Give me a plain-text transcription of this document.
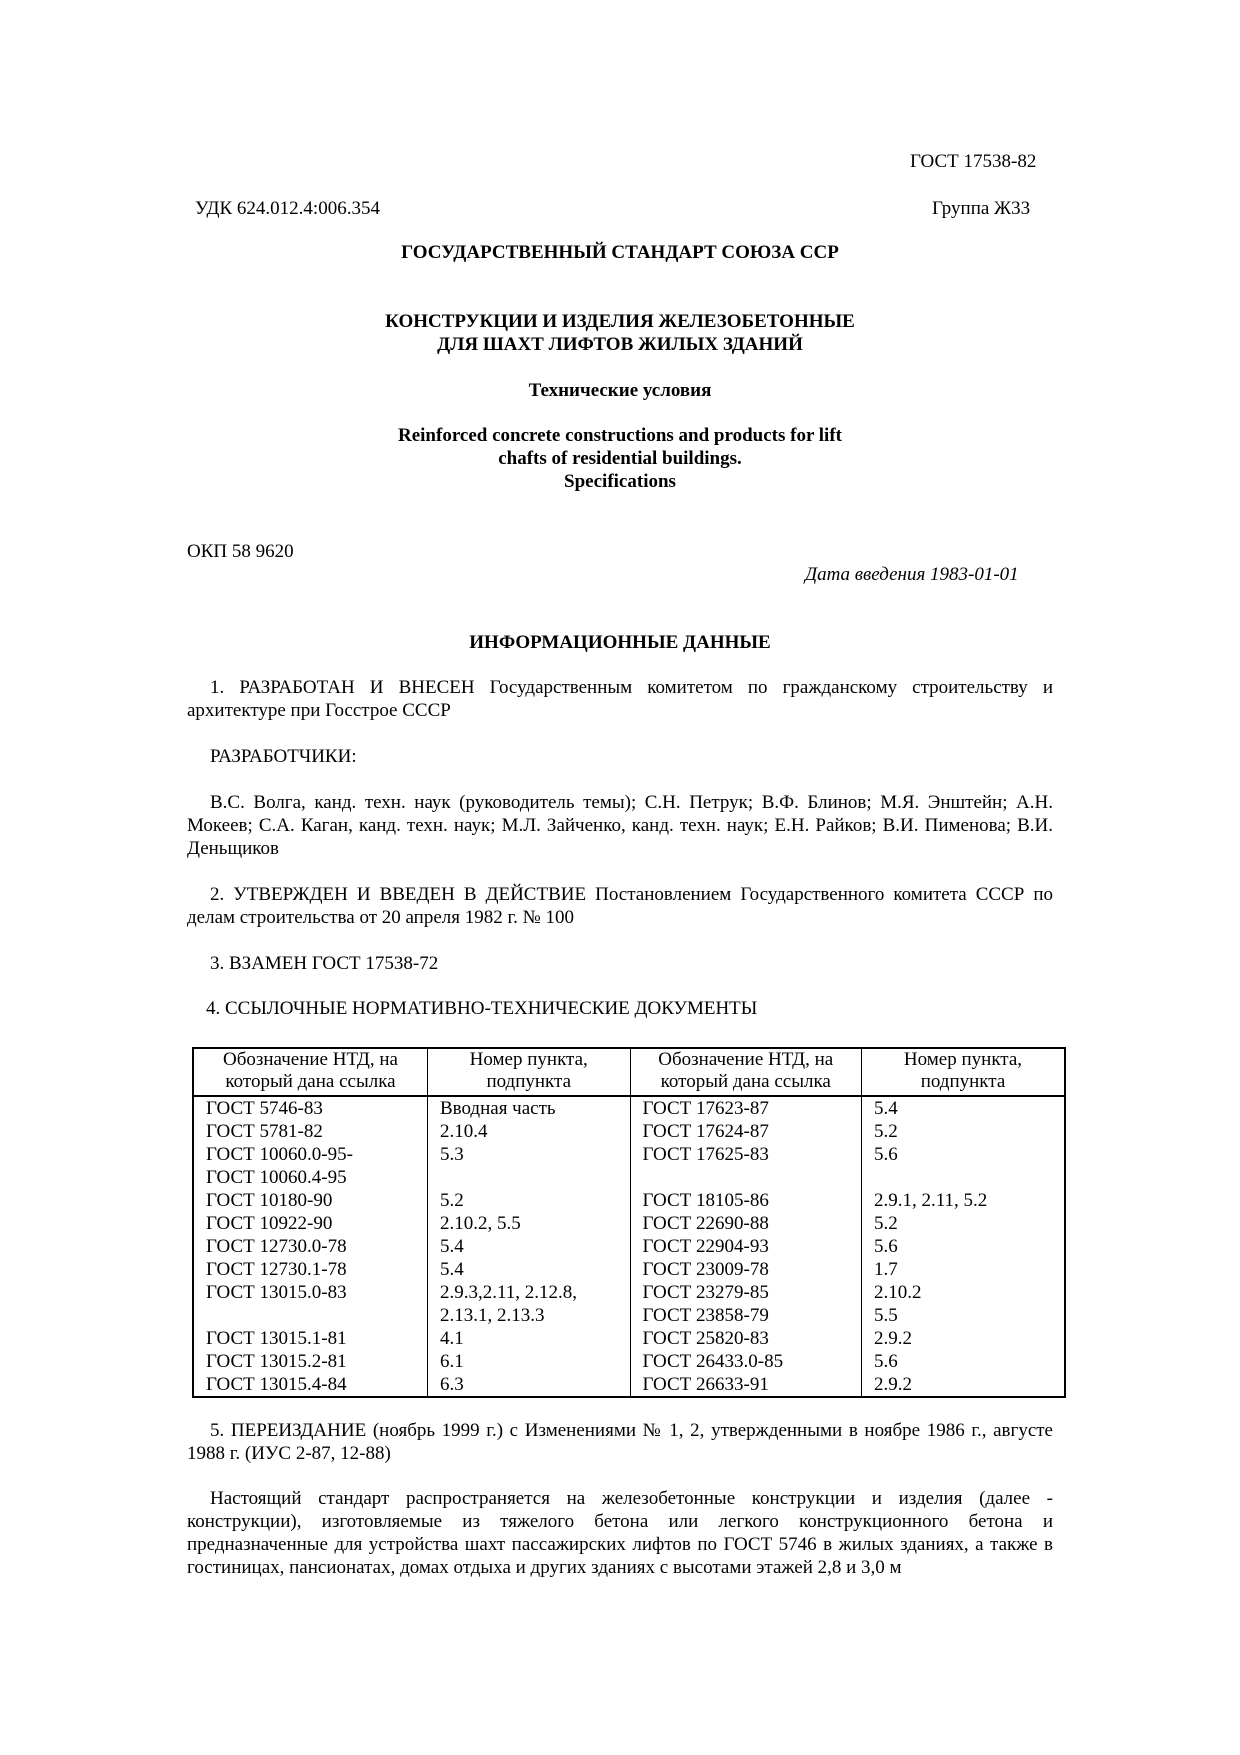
ГОСТ 17538-82
УДК 624.012.4:006.354	Группа Ж33
ГОСУДАРСТВЕННЫЙ СТАНДАРТ СОЮЗА ССР
КОНСТРУКЦИИ И ИЗДЕЛИЯ ЖЕЛЕЗОБЕТОННЫЕ
ДЛЯ ШАХТ ЛИФТОВ ЖИЛЫХ ЗДАНИЙ
Технические условия
Reinforced concrete constructions and products for lift
chafts of residential buildings.
Specifications
ОКП 58 9620
Дата введения 1983-01-01
ИНФОРМАЦИОННЫЕ ДАННЫЕ

1. РАЗРАБОТАН И ВНЕСЕН Государственным комитетом по гражданскому строительству и архитектуре при Госстрое СССР

РАЗРАБОТЧИКИ:

В.С. Волга, канд. техн. наук (руководитель темы); С.Н. Петрук; В.Ф. Блинов; М.Я. Энштейн; А.Н. Мокеев; С.А. Каган, канд. техн. наук; М.Л. Зайченко, канд. техн. наук; Е.Н. Райков; В.И. Пименова; В.И. Деньщиков

2. УТВЕРЖДЕН И ВВЕДЕН В ДЕЙСТВИЕ Постановлением Государственного комитета СССР по делам строительства от 20 апреля 1982 г. № 100

3. ВЗАМЕН ГОСТ 17538-72
4. ССЫЛОЧНЫЕ НОРМАТИВНО-ТЕХНИЧЕСКИЕ ДОКУМЕНТЫ
Обозначение НТД, на который дана ссылка	Номер пункта, подпункта	Обозначение НТД, на который дана ссылка	Номер пункта, подпункта
ГОСТ 5746-83	Вводная часть	ГОСТ 17623-87	5.4
ГОСТ 5781-82	2.10.4	ГОСТ 17624-87	5.2
ГОСТ 10060.0-95-	5.3	ГОСТ 17625-83	5.6
ГОСТ 10060.4-95			
ГОСТ 10180-90	5.2	ГОСТ 18105-86	2.9.1, 2.11, 5.2
ГОСТ 10922-90	2.10.2, 5.5	ГОСТ 22690-88	5.2
ГОСТ 12730.0-78	5.4	ГОСТ 22904-93	5.6
ГОСТ 12730.1-78	5.4	ГОСТ 23009-78	1.7
ГОСТ 13015.0-83	2.9.3,2.11, 2.12.8,	ГОСТ 23279-85	2.10.2
	2.13.1, 2.13.3	ГОСТ 23858-79	5.5
ГОСТ 13015.1-81	4.1	ГОСТ 25820-83	2.9.2
ГОСТ 13015.2-81	6.1	ГОСТ 26433.0-85	5.6
ГОСТ 13015.4-84	6.3	ГОСТ 26633-91	2.9.2

5. ПЕРЕИЗДАНИЕ (ноябрь 1999 г.) с Изменениями № 1, 2, утвержденными в ноябре 1986 г., августе 1988 г. (ИУС 2-87, 12-88)

Настоящий стандарт распространяется на железобетонные конструкции и изделия (далее - конструкции), изготовляемые из тяжелого бетона или легкого конструкционного бетона и предназначенные для устройства шахт пассажирских лифтов по ГОСТ 5746 в жилых зданиях, а также в гостиницах, пансионатах, домах отдыха и других зданиях с высотами этажей 2,8 и 3,0 м
